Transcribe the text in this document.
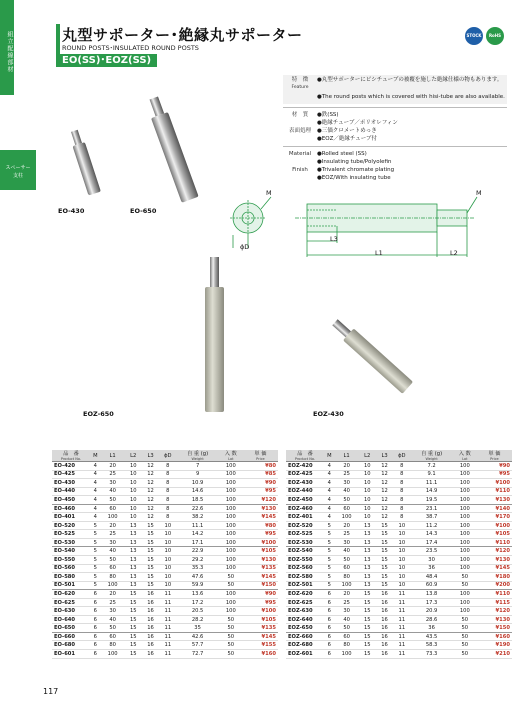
組立配線部材
スペーサー
支柱
丸型サポーター･絶縁丸サポーター
ROUND POSTS･INSULATED ROUND POSTS
EO(SS)･EOZ(SS)
STOCK	RoHS
特　徴
Feature
●丸型サポーターにビシチューブの被覆を施した絶縁仕様の物もあります。
●The round posts which is covered with hisi-tube are also available.
材　質	●鉄(SS)
●絶縁チューブ／ポリオレフィン
表面処理	●三価クロメートめっき
●EOZ／絶縁チューブ付
Material	●Rolled steel (SS)
●Insulating tube/Polyolefin
Finish	●Trivalent chromate plating
●EOZ/With insulating tube
EO-430	EO-650
M	M
ϕD
L3
L1	L2
EOZ-650	EOZ-430
品　番
Product No.	M	L1	L2	L3	ϕD	自 重 (g)
Weight	入 数
Lot	単 価
Price

EO-420	4	20	10	12	8	7	100	¥80
EO-425	4	25	10	12	8	9	100	¥85
EO-430	4	30	10	12	8	10.9	100	¥90
EO-440	4	40	10	12	8	14.6	100	¥95
EO-450	4	50	10	12	8	18.5	100	¥120
EO-460	4	60	10	12	8	22.6	100	¥130
EO-401	4	100	10	12	8	38.2	100	¥145
EO-520	5	20	13	15	10	11.1	100	¥80
EO-525	5	25	13	15	10	14.2	100	¥95
EO-530	5	30	13	15	10	17.1	100	¥100
EO-540	5	40	13	15	10	22.9	100	¥105
EO-550	5	50	13	15	10	29.2	100	¥130
EO-560	5	60	13	15	10	35.3	100	¥135
EO-580	5	80	13	15	10	47.6	50	¥145
EO-501	5	100	13	15	10	59.9	50	¥150
EO-620	6	20	15	16	11	13.6	100	¥90
EO-625	6	25	15	16	11	17.2	100	¥95
EO-630	6	30	15	16	11	20.5	100	¥100
EO-640	6	40	15	16	11	28.2	50	¥105
EO-650	6	50	15	16	11	35	50	¥135
EO-660	6	60	15	16	11	42.6	50	¥145
EO-680	6	80	15	16	11	57.7	50	¥155
EO-601	6	100	15	16	11	72.7	50	¥160
品　番
Product No.	M	L1	L2	L3	ϕD	自 重 (g)
Weight	入 数
Lot	単 価
Price

EOZ-420	4	20	10	12	8	7.2	100	¥90
EOZ-425	4	25	10	12	8	9.1	100	¥95
EOZ-430	4	30	10	12	8	11.1	100	¥100
EOZ-440	4	40	10	12	8	14.9	100	¥110
EOZ-450	4	50	10	12	8	19.5	100	¥130
EOZ-460	4	60	10	12	8	23.1	100	¥140
EOZ-401	4	100	10	12	8	38.7	100	¥170
EOZ-520	5	20	13	15	10	11.2	100	¥100
EOZ-525	5	25	13	15	10	14.3	100	¥105
EOZ-530	5	30	13	15	10	17.4	100	¥110
EOZ-540	5	40	13	15	10	23.5	100	¥120
EOZ-550	5	50	13	15	10	30	100	¥130
EOZ-560	5	60	13	15	10	36	100	¥145
EOZ-580	5	80	13	15	10	48.4	50	¥180
EOZ-501	5	100	13	15	10	60.9	50	¥200
EOZ-620	6	20	15	16	11	13.8	100	¥110
EOZ-625	6	25	15	16	11	17.3	100	¥115
EOZ-630	6	30	15	16	11	20.9	100	¥120
EOZ-640	6	40	15	16	11	28.6	50	¥130
EOZ-650	6	50	15	16	11	36	50	¥150
EOZ-660	6	60	15	16	11	43.5	50	¥160
EOZ-680	6	80	15	16	11	58.3	50	¥190
EOZ-601	6	100	15	16	11	73.3	50	¥210
117
